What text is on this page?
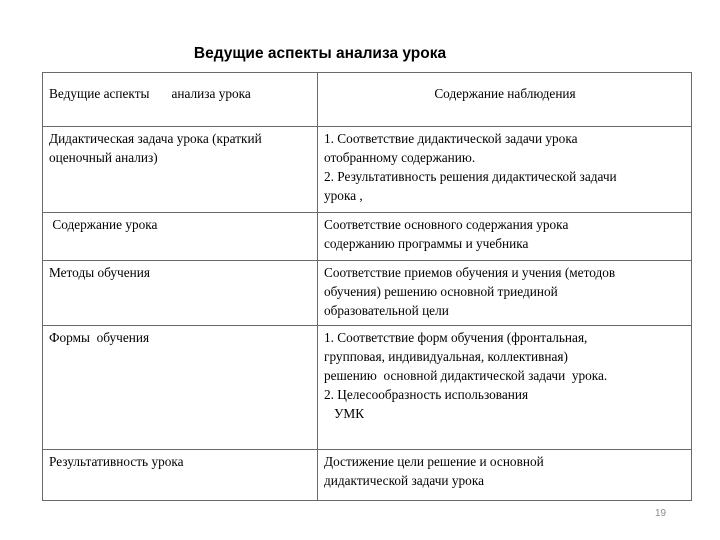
Ведущие аспекты анализа урока
Ведущие аспекты анализа урока	Содержание наблюдения
Дидактическая задача урока (краткий оценочный анализ)	1. Соответствие дидактической задачи урока
отобранному содержанию.
2. Результативность решения дидактической задачи
урока ,

Содержание урока	Соответствие основного содержания урока
содержанию программы и учебника

Методы обучения	Соответствие приемов обучения и учения (методов
обучения) решению основной триединой
образовательной цели

Формы  обучения	1. Соответствие форм обучения (фронтальная,
групповая, индивидуальная, коллективная)
решению  основной дидактической задачи  урока.
2. Целесообразность использования
УМК

Результативность урока	Достижение цели решение и основной
дидактической задачи урока
19
